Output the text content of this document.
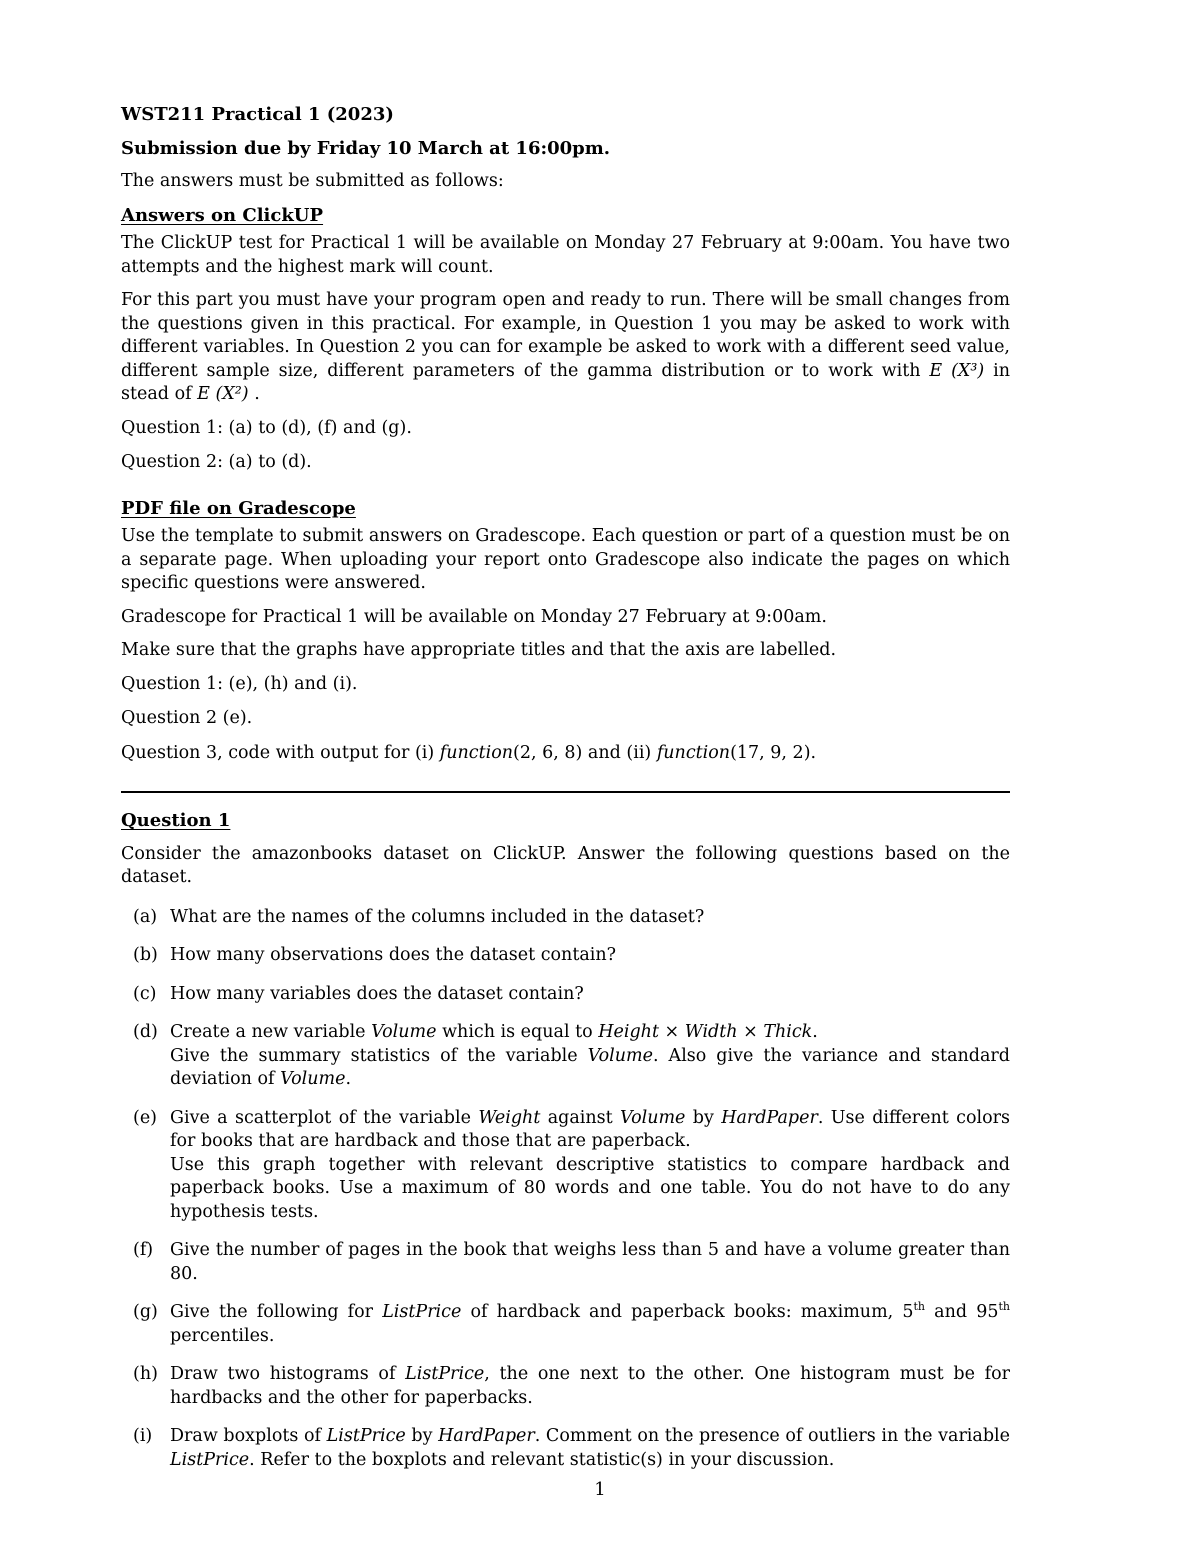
WST211 Practical 1 (2023)
Submission due by Friday 10 March at 16:00pm.

The answers must be submitted as follows:

Answers on ClickUP

The ClickUP test for Practical 1 will be available on Monday 27 February at 9:00am. You have two attempts and the highest mark will count.

For this part you must have your program open and ready to run. There will be small changes from the questions given in this practical. For example, in Question 1 you may be asked to work with different variables. In Question 2 you can for example be asked to work with a different seed value, different sample size, different parameters of the gamma distribution or to work with E (X³) in stead of E (X²) .

Question 1: (a) to (d), (f) and (g).
Question 2: (a) to (d).
PDF file on Gradescope

Use the template to submit answers on Gradescope. Each question or part of a question must be on a separate page. When uploading your report onto Gradescope also indicate the pages on which specific questions were answered.

Gradescope for Practical 1 will be available on Monday 27 February at 9:00am.

Make sure that the graphs have appropriate titles and that the axis are labelled.

Question 1: (e), (h) and (i).
Question 2 (e).
Question 3, code with output for (i) function(2, 6, 8) and (ii) function(17, 9, 2).
Question 1

Consider the amazonbooks dataset on ClickUP. Answer the following questions based on the dataset.

(a) What are the names of the columns included in the dataset?
(b) How many observations does the dataset contain?
(c) How many variables does the dataset contain?
(d) Create a new variable Volume which is equal to Height × Width × Thick.
Give the summary statistics of the variable Volume. Also give the variance and standard deviation of Volume.
(e) Give a scatterplot of the variable Weight against Volume by HardPaper. Use different colors for books that are hardback and those that are paperback.
Use this graph together with relevant descriptive statistics to compare hardback and paperback books. Use a maximum of 80 words and one table. You do not have to do any hypothesis tests.
(f) Give the number of pages in the book that weighs less than 5 and have a volume greater than 80.
(g) Give the following for ListPrice of hardback and paperback books: maximum, 5th and 95th percentiles.
(h) Draw two histograms of ListPrice, the one next to the other. One histogram must be for hardbacks and the other for paperbacks.
(i)	Draw boxplots of ListPrice by HardPaper. Comment on the presence of outliers in the variable ListPrice. Refer to the boxplots and relevant statistic(s) in your discussion.
1
